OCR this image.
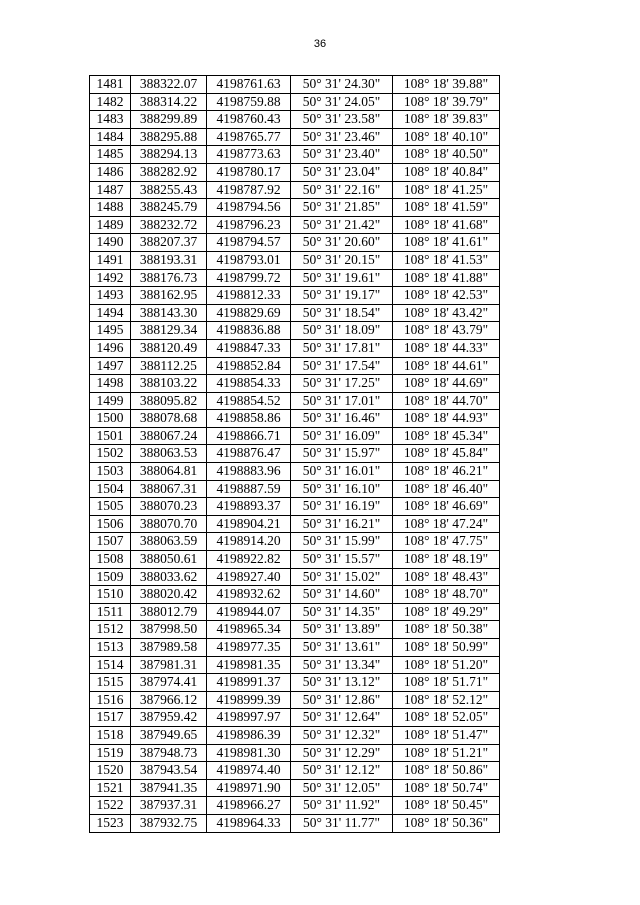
36
1481	388322.07	4198761.63	50° 31' 24.30"	108° 18' 39.88"
1482	388314.22	4198759.88	50° 31' 24.05"	108° 18' 39.79"
1483	388299.89	4198760.43	50° 31' 23.58"	108° 18' 39.83"
1484	388295.88	4198765.77	50° 31' 23.46"	108° 18' 40.10"
1485	388294.13	4198773.63	50° 31' 23.40"	108° 18' 40.50"
1486	388282.92	4198780.17	50° 31' 23.04"	108° 18' 40.84"
1487	388255.43	4198787.92	50° 31' 22.16"	108° 18' 41.25"
1488	388245.79	4198794.56	50° 31' 21.85"	108° 18' 41.59"
1489	388232.72	4198796.23	50° 31' 21.42"	108° 18' 41.68"
1490	388207.37	4198794.57	50° 31' 20.60"	108° 18' 41.61"
1491	388193.31	4198793.01	50° 31' 20.15"	108° 18' 41.53"
1492	388176.73	4198799.72	50° 31' 19.61"	108° 18' 41.88"
1493	388162.95	4198812.33	50° 31' 19.17"	108° 18' 42.53"
1494	388143.30	4198829.69	50° 31' 18.54"	108° 18' 43.42"
1495	388129.34	4198836.88	50° 31' 18.09"	108° 18' 43.79"
1496	388120.49	4198847.33	50° 31' 17.81"	108° 18' 44.33"
1497	388112.25	4198852.84	50° 31' 17.54"	108° 18' 44.61"
1498	388103.22	4198854.33	50° 31' 17.25"	108° 18' 44.69"
1499	388095.82	4198854.52	50° 31' 17.01"	108° 18' 44.70"
1500	388078.68	4198858.86	50° 31' 16.46"	108° 18' 44.93"
1501	388067.24	4198866.71	50° 31' 16.09"	108° 18' 45.34"
1502	388063.53	4198876.47	50° 31' 15.97"	108° 18' 45.84"
1503	388064.81	4198883.96	50° 31' 16.01"	108° 18' 46.21"
1504	388067.31	4198887.59	50° 31' 16.10"	108° 18' 46.40"
1505	388070.23	4198893.37	50° 31' 16.19"	108° 18' 46.69"
1506	388070.70	4198904.21	50° 31' 16.21"	108° 18' 47.24"
1507	388063.59	4198914.20	50° 31' 15.99"	108° 18' 47.75"
1508	388050.61	4198922.82	50° 31' 15.57"	108° 18' 48.19"
1509	388033.62	4198927.40	50° 31' 15.02"	108° 18' 48.43"
1510	388020.42	4198932.62	50° 31' 14.60"	108° 18' 48.70"
1511	388012.79	4198944.07	50° 31' 14.35"	108° 18' 49.29"
1512	387998.50	4198965.34	50° 31' 13.89"	108° 18' 50.38"
1513	387989.58	4198977.35	50° 31' 13.61"	108° 18' 50.99"
1514	387981.31	4198981.35	50° 31' 13.34"	108° 18' 51.20"
1515	387974.41	4198991.37	50° 31' 13.12"	108° 18' 51.71"
1516	387966.12	4198999.39	50° 31' 12.86"	108° 18' 52.12"
1517	387959.42	4198997.97	50° 31' 12.64"	108° 18' 52.05"
1518	387949.65	4198986.39	50° 31' 12.32"	108° 18' 51.47"
1519	387948.73	4198981.30	50° 31' 12.29"	108° 18' 51.21"
1520	387943.54	4198974.40	50° 31' 12.12"	108° 18' 50.86"
1521	387941.35	4198971.90	50° 31' 12.05"	108° 18' 50.74"
1522	387937.31	4198966.27	50° 31' 11.92"	108° 18' 50.45"
1523	387932.75	4198964.33	50° 31' 11.77"	108° 18' 50.36"
